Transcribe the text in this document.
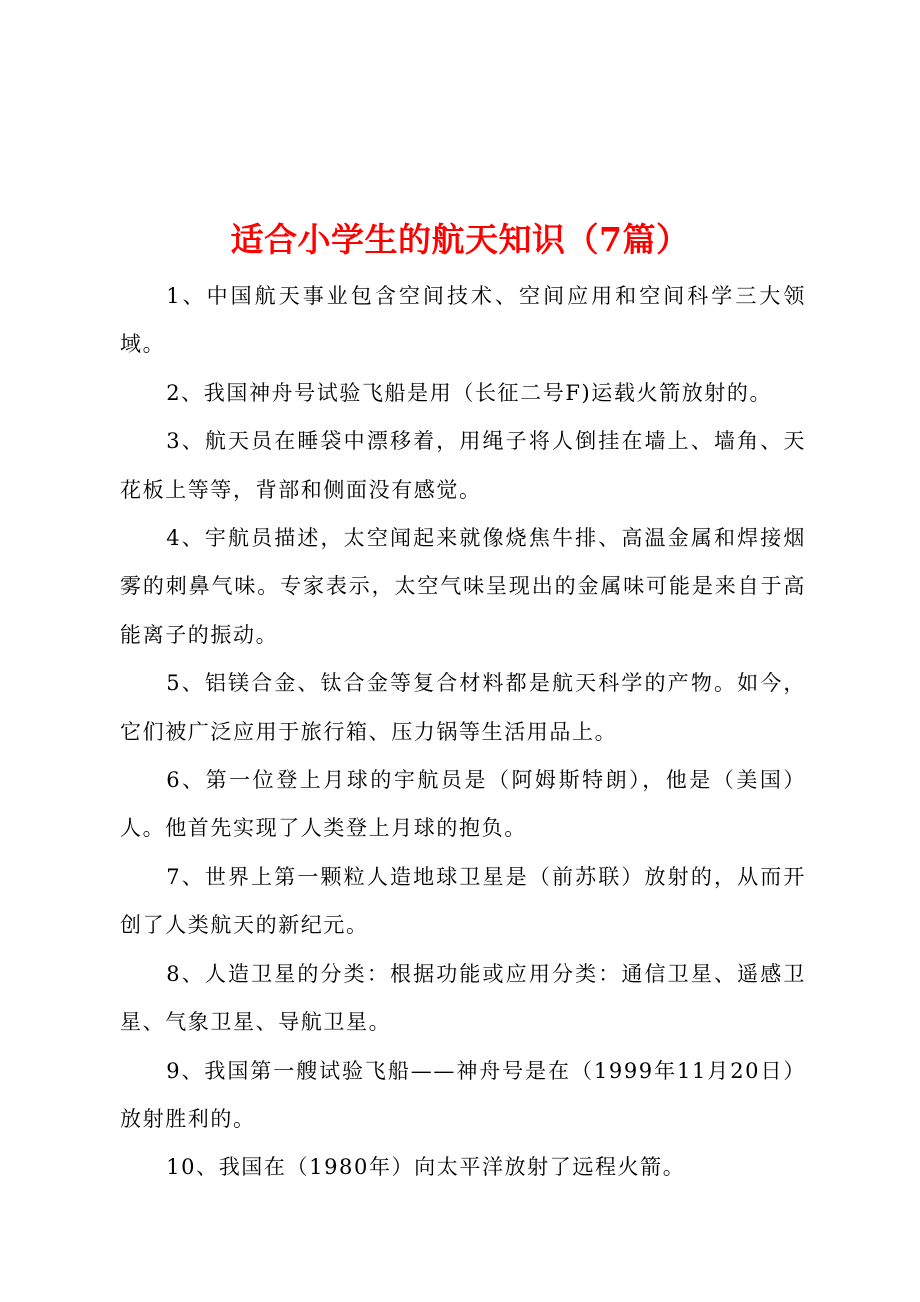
适合小学生的航天知识（7篇）

1、中国航天事业包含空间技术、空间应用和空间科学三大领域。

2、我国神舟号试验飞船是用（长征二号F)运载火箭放射的。

3、航天员在睡袋中漂移着，用绳子将人倒挂在墙上、墙角、天花板上等等，背部和侧面没有感觉。

4、宇航员描述，太空闻起来就像烧焦牛排、高温金属和焊接烟雾的刺鼻气味。专家表示，太空气味呈现出的金属味可能是来自于高能离子的振动。

5、铝镁合金、钛合金等复合材料都是航天科学的产物。如今，它们被广泛应用于旅行箱、压力锅等生活用品上。

6、第一位登上月球的宇航员是（阿姆斯特朗），他是（美国）人。他首先实现了人类登上月球的抱负。

7、世界上第一颗粒人造地球卫星是（前苏联）放射的，从而开创了人类航天的新纪元。

8、人造卫星的分类：根据功能或应用分类：通信卫星、遥感卫星、气象卫星、导航卫星。

9、我国第一艘试验飞船——神舟号是在（1999年11月20日）放射胜利的。

10、我国在（1980年）向太平洋放射了远程火箭。
